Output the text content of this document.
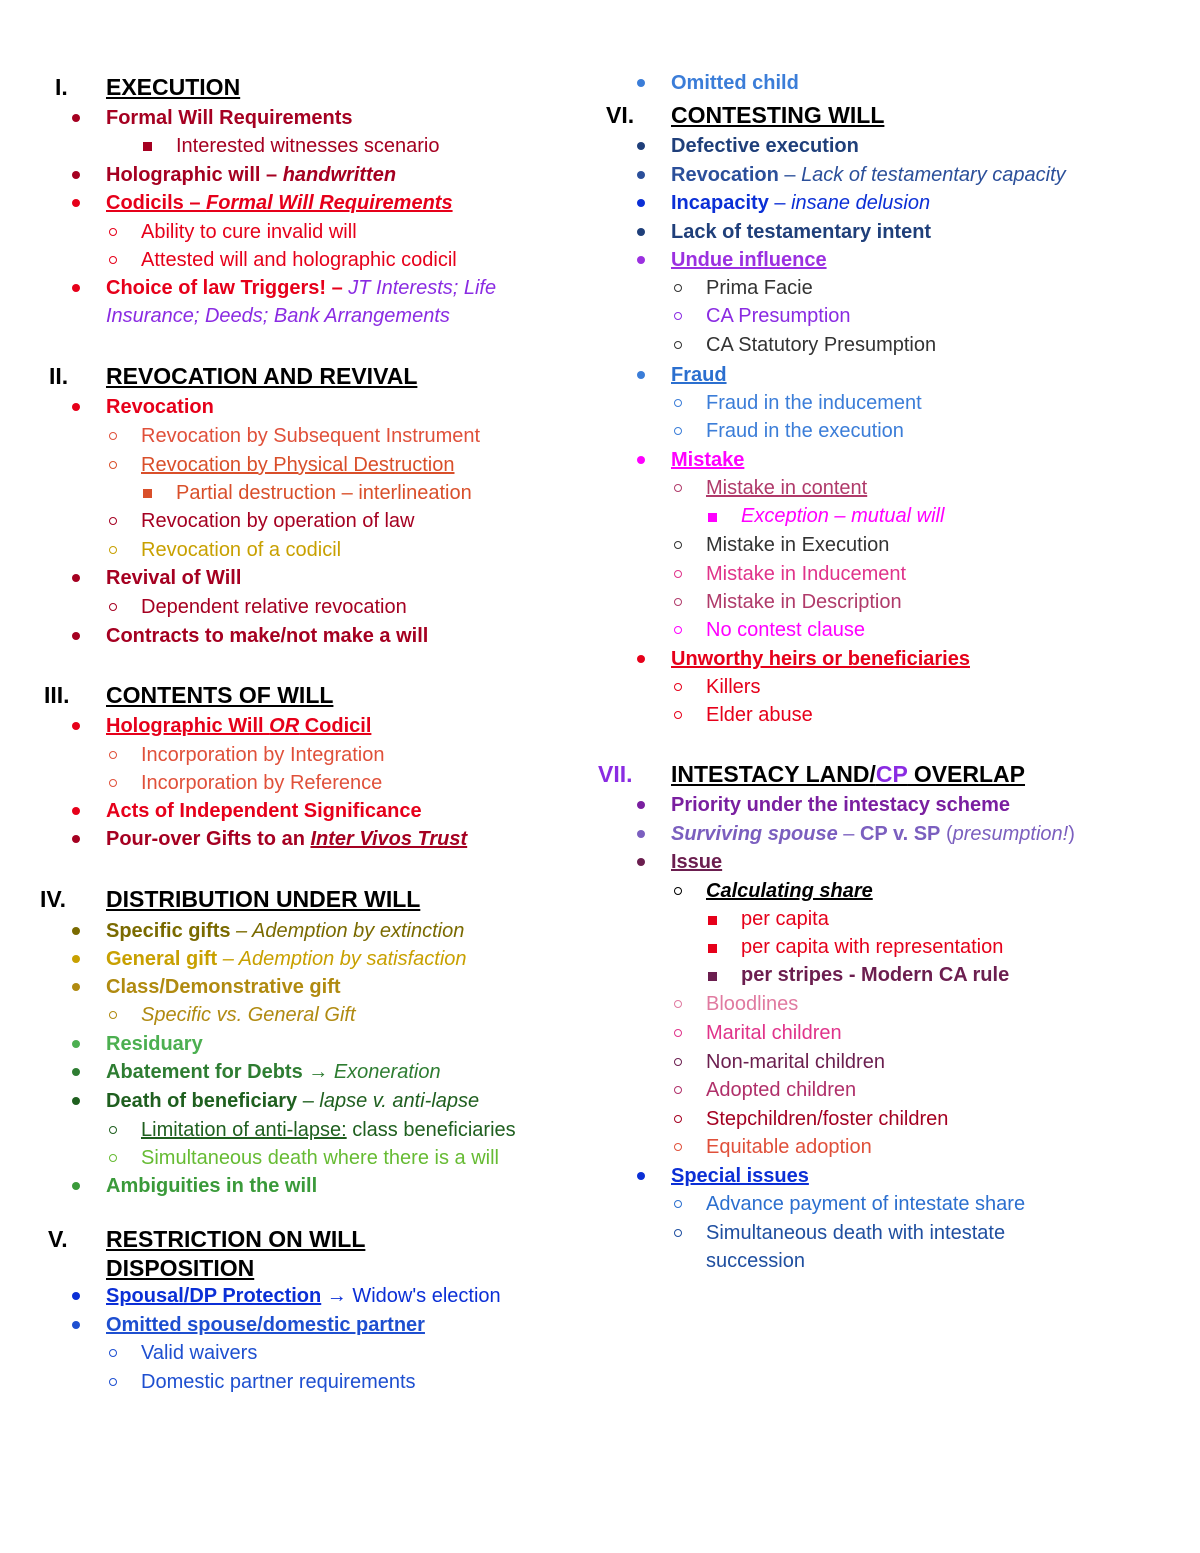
I. EXECUTION
Formal Will Requirements
Interested witnesses scenario
Holographic will – handwritten
Codicils – Formal Will Requirements
Ability to cure invalid will
Attested will and holographic codicil
Choice of law Triggers! – JT Interests; Life
Insurance; Deeds; Bank Arrangements
II. REVOCATION AND REVIVAL
Revocation
Revocation by Subsequent Instrument
Revocation by Physical Destruction
Partial destruction – interlineation
Revocation by operation of law
Revocation of a codicil
Revival of Will
Dependent relative revocation
Contracts to make/not make a will
III. CONTENTS OF WILL
Holographic Will OR Codicil
Incorporation by Integration
Incorporation by Reference
Acts of Independent Significance
Pour-over Gifts to an Inter Vivos Trust
IV. DISTRIBUTION UNDER WILL
Specific gifts – Ademption by extinction
General gift – Ademption by satisfaction
Class/Demonstrative gift
Specific vs. General Gift
Residuary
Abatement for Debts → Exoneration
Death of beneficiary – lapse v. anti-lapse
Limitation of anti-lapse: class beneficiaries
Simultaneous death where there is a will
Ambiguities in the will
V. RESTRICTION ON WILL
DISPOSITION
Spousal/DP Protection → Widow's election
Omitted spouse/domestic partner
Valid waivers
Domestic partner requirements
Omitted child
VI. CONTESTING WILL
Defective execution
Revocation – Lack of testamentary capacity
Incapacity – insane delusion
Lack of testamentary intent
Undue influence
Prima Facie
CA Presumption
CA Statutory Presumption
Fraud
Fraud in the inducement
Fraud in the execution
Mistake
Mistake in content
Exception – mutual will
Mistake in Execution
Mistake in Inducement
Mistake in Description
No contest clause
Unworthy heirs or beneficiaries
Killers
Elder abuse
VII. INTESTACY LAND/CP OVERLAP
Priority under the intestacy scheme
Surviving spouse – CP v. SP (presumption!)
Issue
Calculating share
per capita
per capita with representation
per stripes - Modern CA rule
Bloodlines
Marital children
Non-marital children
Adopted children
Stepchildren/foster children
Equitable adoption
Special issues
Advance payment of intestate share
Simultaneous death with intestate
succession
